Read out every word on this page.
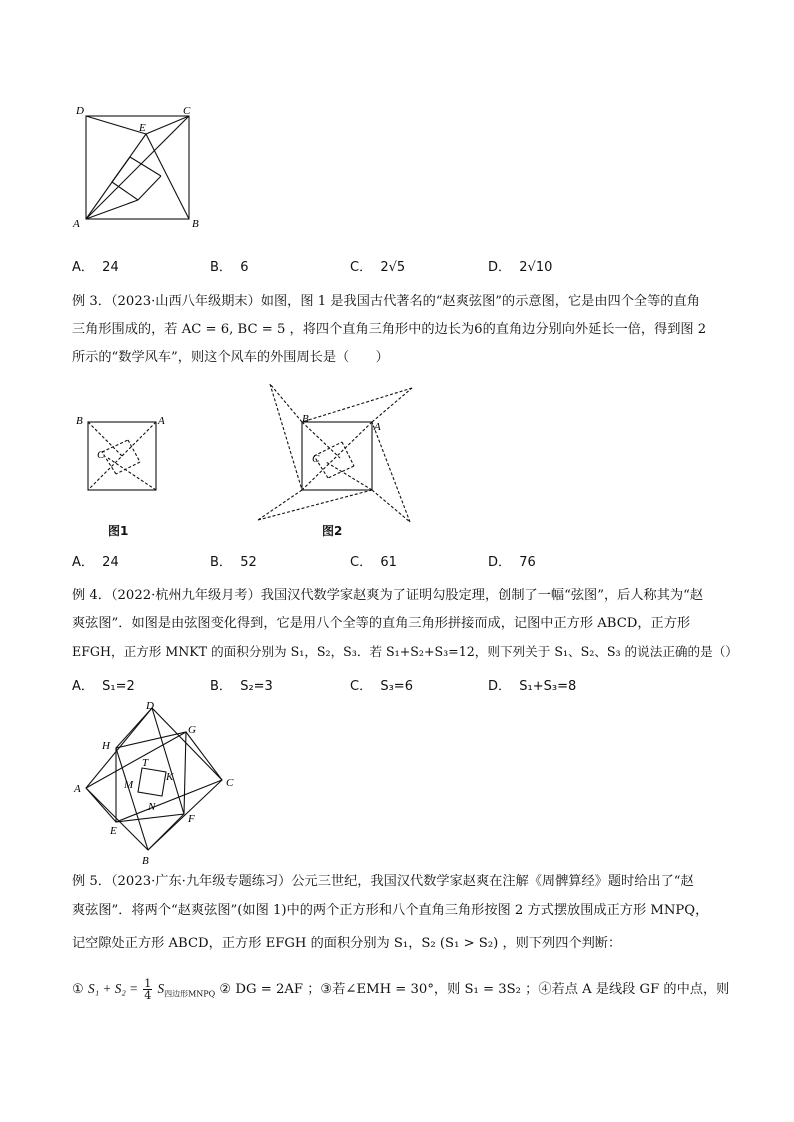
D	C
E
A	B
A． 24	B． 6	C． 2√5	D． 2√10
例 3．（2023·山西八年级期末）如图，图 1 是我国古代著名的“赵爽弦图”的示意图，它是由四个全等的直角
三角形围成的，若 AC = 6, BC = 5 ，将四个直角三角形中的边长为6的直角边分别向外延长一倍，得到图 2
所示的“数学风车”，则这个风车的外围周长是（　　）
B	A
C
图1
B
A
C
图2
A． 24	B． 52	C． 61	D． 76
例 4．（2022·杭州九年级月考）我国汉代数学家赵爽为了证明勾股定理，创制了一幅“弦图”，后人称其为“赵
爽弦图”．如图是由弦图变化得到，它是用八个全等的直角三角形拼接而成，记图中正方形 ABCD，正方形
EFGH，正方形 MNKT 的面积分别为 S₁，S₂，S₃．若 S₁+S₂+S₃=12，则下列关于 S₁、S₂、S₃ 的说法正确的是（）
A． S₁=2	B． S₂=3	C． S₃=6	D． S₁+S₃=8
D
H
G
A	C
T
K
M
N
F
E
B
例 5．（2023·广东·九年级专题练习）公元三世纪，我国汉代数学家赵爽在注解《周髀算经》题时给出了“赵
爽弦图”．将两个“赵爽弦图”(如图 1)中的两个正方形和八个直角三角形按图 2 方式摆放围成正方形 MNPQ，
记空隙处正方形 ABCD，正方形 EFGH 的面积分别为 S₁，S₂ (S₁ > S₂) ，则下列四个判断：
① $S_1 + S_2 = \frac{1}{4} S_{四边形MNPQ}$ ② DG = 2AF ；③若∠EMH = 30°，则 S₁ = 3S₂ ；④若点 A 是线段 GF 的中点，则
